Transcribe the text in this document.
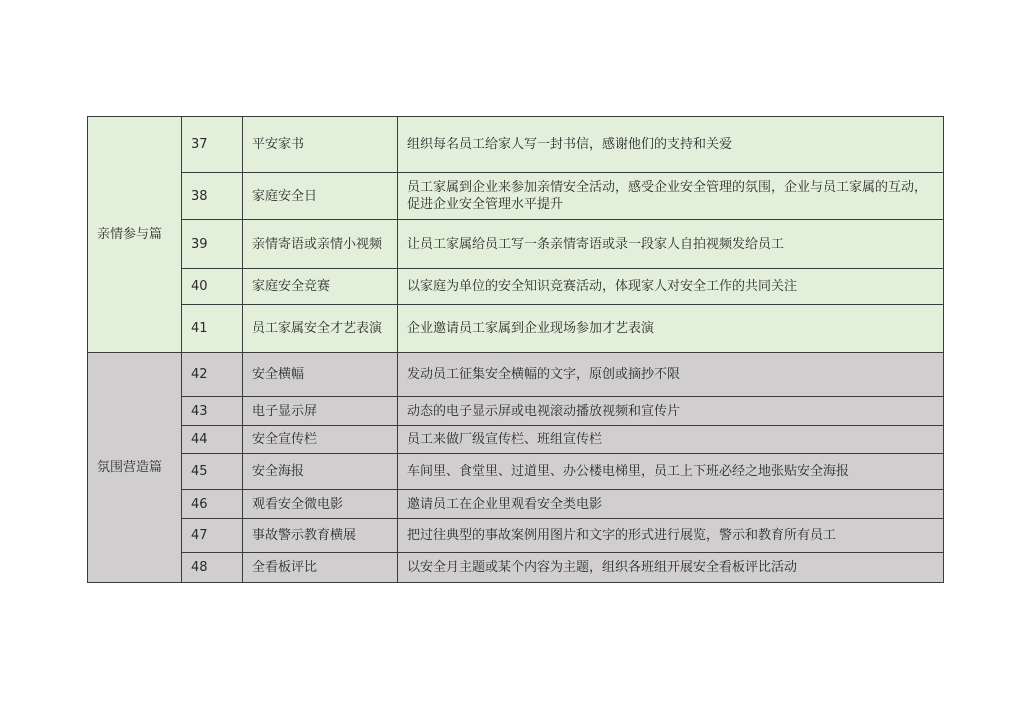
亲情参与篇	37	平安家书	组织每名员工给家人写一封书信，感谢他们的支持和关爱
	38	家庭安全日	员工家属到企业来参加亲情安全活动，感受企业安全管理的氛围，企业与员工家属的互动，促进企业安全管理水平提升
	39	亲情寄语或亲情小视频	让员工家属给员工写一条亲情寄语或录一段家人自拍视频发给员工
	40	家庭安全竞赛	以家庭为单位的安全知识竞赛活动，体现家人对安全工作的共同关注
	41	员工家属安全才艺表演	企业邀请员工家属到企业现场参加才艺表演
氛围营造篇	42	安全横幅	发动员工征集安全横幅的文字，原创或摘抄不限
	43	电子显示屏	动态的电子显示屏或电视滚动播放视频和宣传片
	44	安全宣传栏	员工来做厂级宣传栏、班组宣传栏
	45	安全海报	车间里、食堂里、过道里、办公楼电梯里，员工上下班必经之地张贴安全海报
	46	观看安全微电影	邀请员工在企业里观看安全类电影
	47	事故警示教育横展	把过往典型的事故案例用图片和文字的形式进行展览，警示和教育所有员工
	48	全看板评比	以安全月主题或某个内容为主题，组织各班组开展安全看板评比活动
